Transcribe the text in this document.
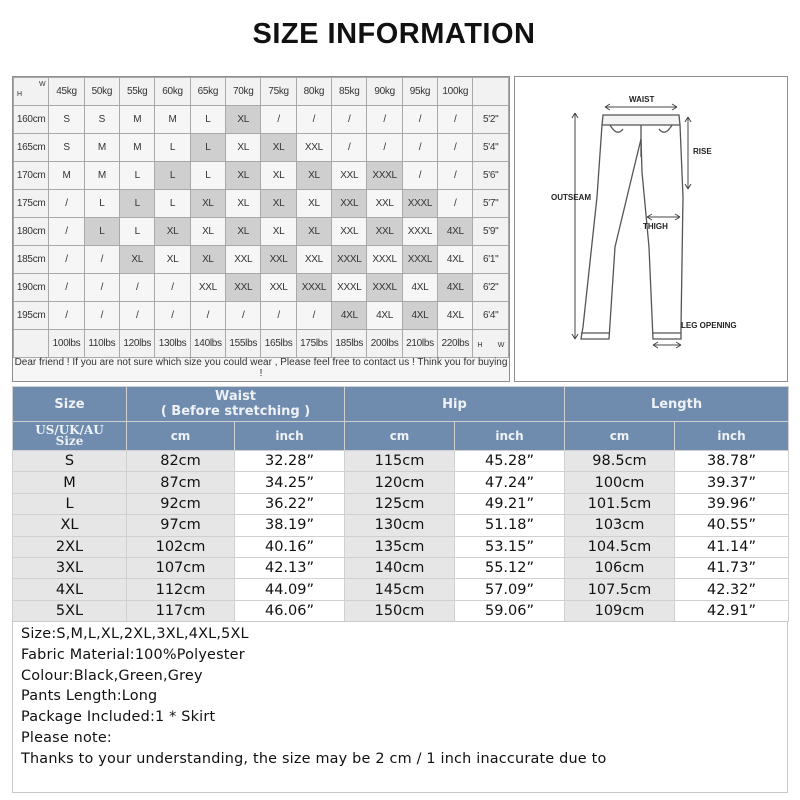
SIZE INFORMATION
H
W	45kg	50kg	55kg	60kg	65kg	70kg	75kg	80kg	85kg	90kg	95kg	100kg	
160cm	S	S	M	M	L	XL	/	/	/	/	/	/	5'2"
165cm	S	M	M	L	L	XL	XL	XXL	/	/	/	/	5'4"
170cm	M	M	L	L	L	XL	XL	XL	XXL	XXXL	/	/	5'6"
175cm	/	L	L	L	XL	XL	XL	XL	XXL	XXL	XXXL	/	5'7"
180cm	/	L	L	XL	XL	XL	XL	XL	XXL	XXL	XXXL	4XL	5'9"
185cm	/	/	XL	XL	XL	XXL	XXL	XXL	XXXL	XXXL	XXXL	4XL	6'1"
190cm	/	/	/	/	XXL	XXL	XXL	XXXL	XXXL	XXXL	4XL	4XL	6'2"
195cm	/	/	/	/	/	/	/	/	4XL	4XL	4XL	4XL	6'4"
	100lbs	110lbs	120lbs	130lbs	140lbs	155lbs	165lbs	175lbs	185lbs	200lbs	210lbs	220lbs	H W
Dear friend ! If you are not sure which size you could wear , Please feel free to contact us ! Think you for buying !
WAIST
RISE
OUTSEAM
THIGH
LEG OPENING
Size	Waist
( Before stretching )		Hip		Length	

US/UK/AU
Size	cm	inch	cm	inch	cm	inch
S	82cm	32.28”	115cm	45.28”	98.5cm	38.78”
M	87cm	34.25”	120cm	47.24”	100cm	39.37”
L	92cm	36.22”	125cm	49.21”	101.5cm	39.96”
XL	97cm	38.19”	130cm	51.18”	103cm	40.55”
2XL	102cm	40.16”	135cm	53.15”	104.5cm	41.14”
3XL	107cm	42.13”	140cm	55.12”	106cm	41.73”
4XL	112cm	44.09”	145cm	57.09”	107.5cm	42.32”
5XL	117cm	46.06”	150cm	59.06”	109cm	42.91”
Size:S,M,L,XL,2XL,3XL,4XL,5XL
Fabric Material:100%Polyester
Colour:Black,Green,Grey
Pants Length:Long
Package Included:1 * Skirt
Please note:
Thanks to your understanding, the size may be 2 cm / 1 inch inaccurate due to
